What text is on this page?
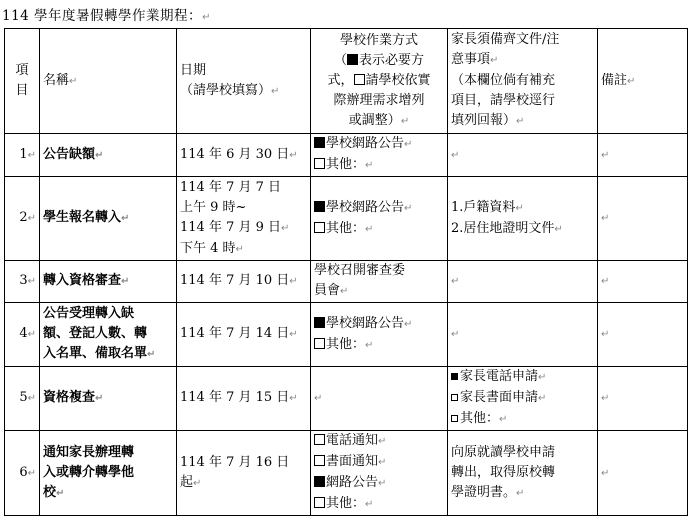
114 學年度暑假轉學作業期程：↵
項
目	名稱↵	日期
（請學校填寫）↵	學校作業方式
（ 表示必要方
式， 請學校依實
際辦理需求增列
或調整）↵	家長須備齊文件/注
意事項↵
（本欄位倘有補充
項目，請學校逕行
填列回報）↵	備註↵
1↵	公告缺額↵	114 年 6 月 30 日↵	學校網路公告↵
其他：↵	↵	↵
2↵	學生報名轉入↵	114 年 7 月 7 日
上午 9 時~
114 年 7 月 9 日↵
下午 4 時↵	學校網路公告↵
其他：↵	1.戶籍資料↵
2.居住地證明文件↵	↵
3↵	轉入資格審查↵	114 年 7 月 10 日↵	學校召開審查委
員會↵	↵	↵
4↵	公告受理轉入缺
額、登記人數、轉
入名單、備取名單↵	114 年 7 月 14 日↵	學校網路公告↵
其他：↵	↵	↵
5↵	資格複查↵	114 年 7 月 15 日↵	↵	家長電話申請↵
家長書面申請↵
其他：↵	↵
6↵	通知家長辦理轉
入或轉介轉學他
校↵	114 年 7 月 16 日
起↵	電話通知↵
書面通知↵
網路公告↵
其他：↵	向原就讀學校申請
轉出，取得原校轉
學證明書。↵	↵
